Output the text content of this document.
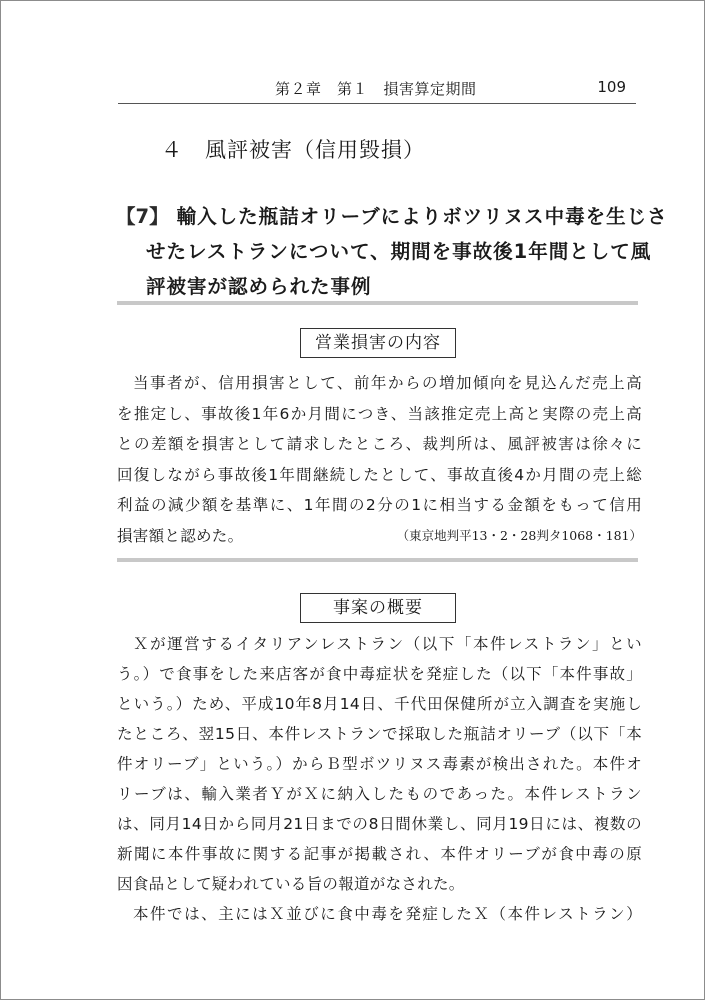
第２章　第１　損害算定期間	109
４　風評被害（信用毀損）
【7】 輸入した瓶詰オリーブによりボツリヌス中毒を生じさ
せたレストランについて、期間を事故後1年間として風
評被害が認められた事例
営業損害の内容
当事者が、信用損害として、前年からの増加傾向を見込んだ売上高
を推定し、事故後1年6か月間につき、当該推定売上高と実際の売上高
との差額を損害として請求したところ、裁判所は、風評被害は徐々に
回復しながら事故後1年間継続したとして、事故直後4か月間の売上総
利益の減少額を基準に、1年間の2分の1に相当する金額をもって信用
損害額と認めた。	（東京地判平13・2・28判タ1068・181）
事案の概要
Ｘが運営するイタリアンレストラン（以下「本件レストラン」とい
う。）で食事をした来店客が食中毒症状を発症した（以下「本件事故」
という。）ため、平成10年8月14日、千代田保健所が立入調査を実施し
たところ、翌15日、本件レストランで採取した瓶詰オリーブ（以下「本
件オリーブ」という。）からＢ型ボツリヌス毒素が検出された。本件オ
リーブは、輸入業者ＹがＸに納入したものであった。本件レストラン
は、同月14日から同月21日までの8日間休業し、同月19日には、複数の
新聞に本件事故に関する記事が掲載され、本件オリーブが食中毒の原
因食品として疑われている旨の報道がなされた。
本件では、主にはＸ並びに食中毒を発症したＸ（本件レストラン）
